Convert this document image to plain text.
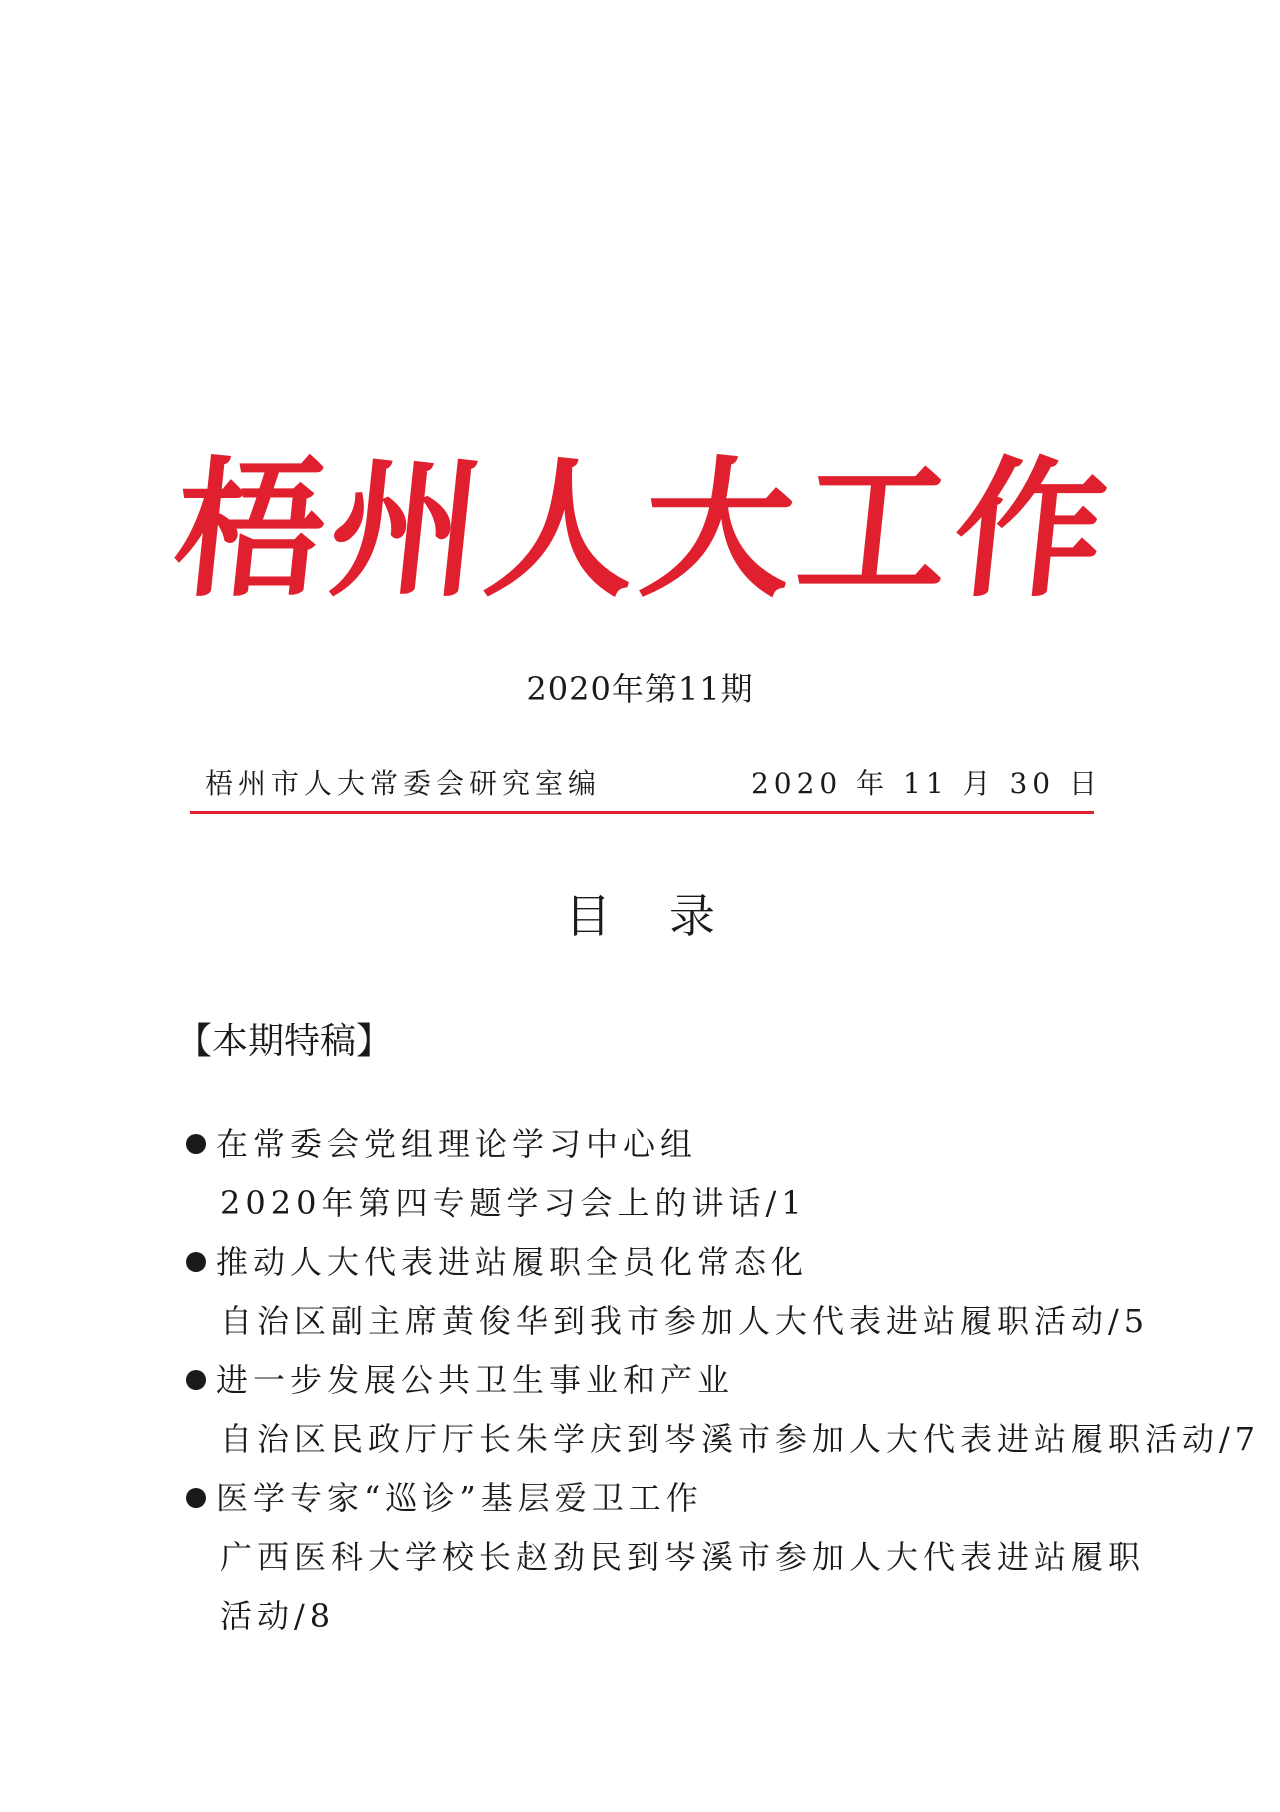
梧
州
人
大
工
作
2020年第11期
梧州市人大常委会研究室编	2020 年 11 月 30 日
目录
【本期特稿】
在常委会党组理论学习中心组
2020年第四专题学习会上的讲话/1
推动人大代表进站履职全员化常态化
自治区副主席黄俊华到我市参加人大代表进站履职活动/5
进一步发展公共卫生事业和产业
自治区民政厅厅长朱学庆到岑溪市参加人大代表进站履职活动/7
医学专家“巡诊”基层爱卫工作
广西医科大学校长赵劲民到岑溪市参加人大代表进站履职
活动/8
